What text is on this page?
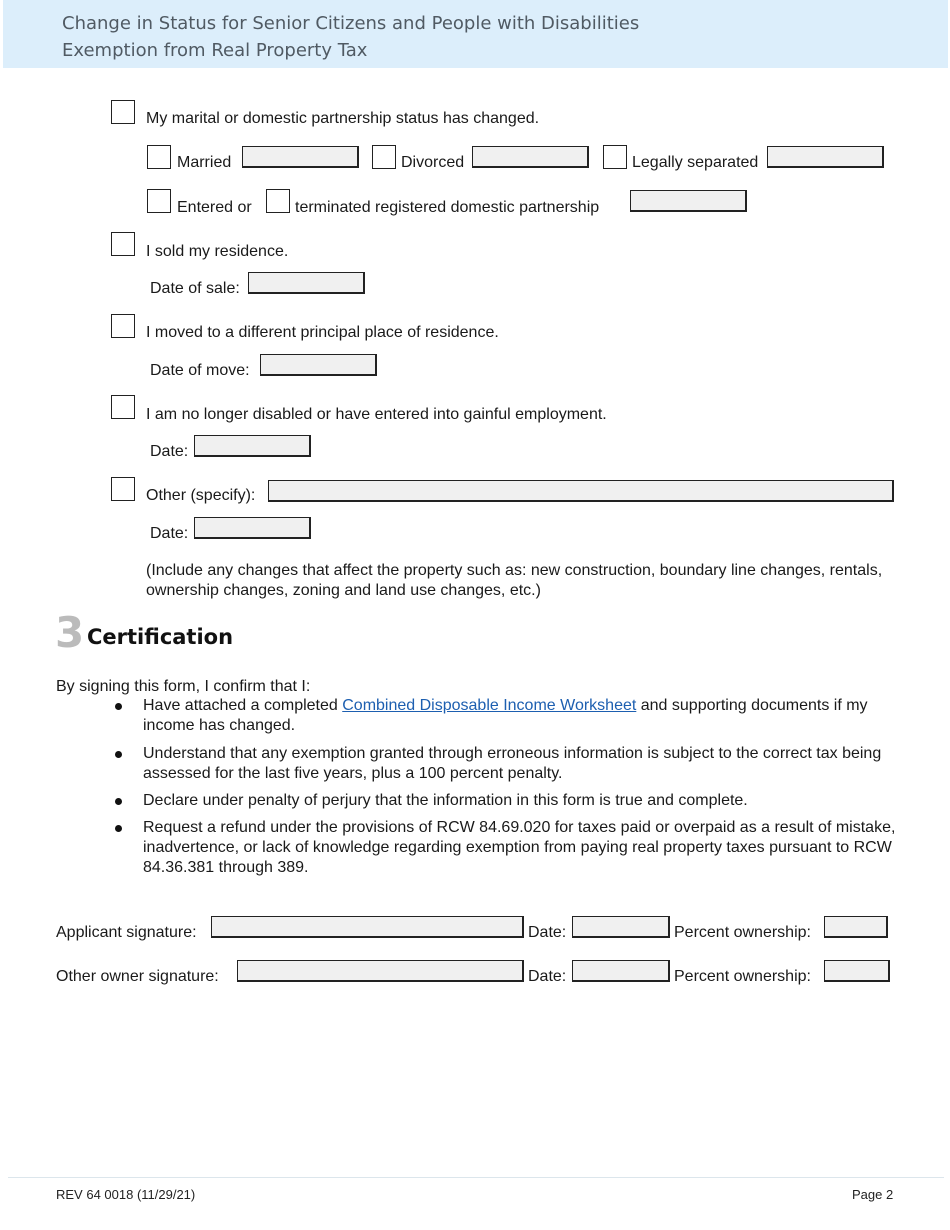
Change in Status for Senior Citizens and People with Disabilities
Exemption from Real Property Tax
My marital or domestic partnership status has changed.
Married	Divorced	Legally separated
Entered or	terminated registered domestic partnership
I sold my residence.
Date of sale:
I moved to a different principal place of residence.
Date of move:
I am no longer disabled or have entered into gainful employment.
Date:
Other (specify):
Date:
(Include any changes that affect the property such as: new construction, boundary line changes, rentals, ownership changes, zoning and land use changes, etc.)
3 Certification
By signing this form, I confirm that I:
Have attached a completed Combined Disposable Income Worksheet and supporting documents if my income has changed.
Understand that any exemption granted through erroneous information is subject to the correct tax being assessed for the last five years, plus a 100 percent penalty.
Declare under penalty of perjury that the information in this form is true and complete.
Request a refund under the provisions of RCW 84.69.020 for taxes paid or overpaid as a result of mistake, inadvertence, or lack of knowledge regarding exemption from paying real property taxes pursuant to RCW 84.36.381 through 389.
Applicant signature:	Date:	Percent ownership:
Other owner signature:	Date:	Percent ownership:
REV 64 0018 (11/29/21)	Page 2
